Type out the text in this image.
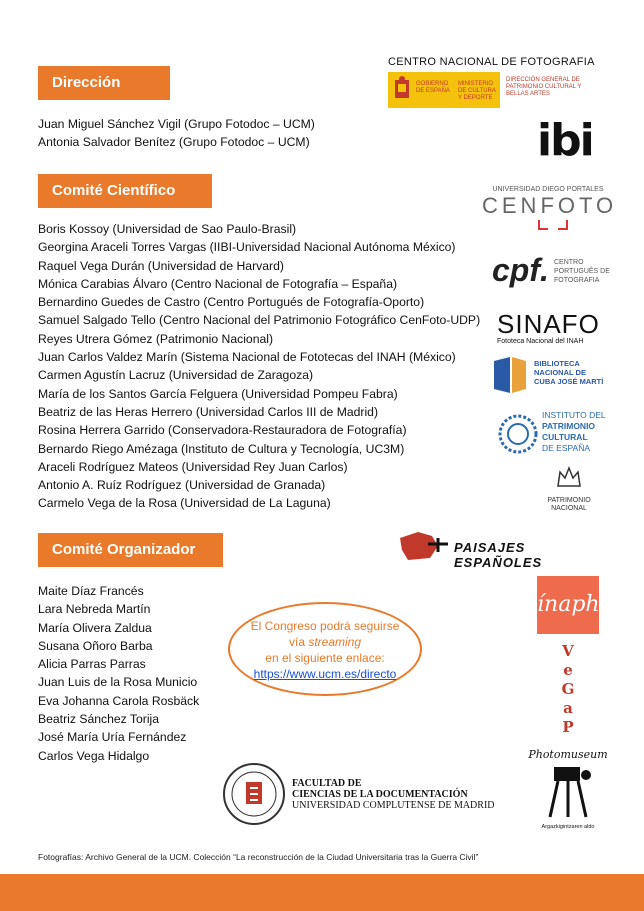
Dirección
Comité Científico
Comité Organizador
Juan Miguel Sánchez Vigil (Grupo Fotodoc – UCM)
Antonia Salvador Benítez (Grupo Fotodoc – UCM)
Boris Kossoy (Universidad de Sao Paulo-Brasil)
Georgina Araceli Torres Vargas (IIBI-Universidad Nacional Autónoma México)
Raquel Vega Durán (Universidad de Harvard)
Mónica Carabias Álvaro (Centro Nacional de Fotografía – España)
Bernardino Guedes de Castro (Centro Portugués de Fotografía-Oporto)
Samuel Salgado Tello (Centro Nacional del Patrimonio Fotográfico CenFoto-UDP)
Reyes Utrera Gómez (Patrimonio Nacional)
Juan Carlos Valdez Marín (Sistema Nacional de Fototecas del INAH (México)
Carmen Agustín Lacruz (Universidad de Zaragoza)
María de los Santos García Felguera (Universidad Pompeu Fabra)
Beatriz de las Heras Herrero (Universidad Carlos III de Madrid)
Rosina Herrera Garrido (Conservadora-Restauradora de Fotografía)
Bernardo Riego Amézaga (Instituto de Cultura y Tecnología, UC3M)
Araceli Rodríguez Mateos (Universidad Rey Juan Carlos)
Antonio A. Ruíz Rodríguez (Universidad de Granada)
Carmelo Vega de la Rosa (Universidad de La Laguna)
Maite Díaz Francés
Lara Nebreda Martín
María Olivera Zaldua
Susana Oñoro Barba
Alicia Parras Parras
Juan Luis de la Rosa Municio
Eva Johanna Carola Rosbäck
Beatriz Sánchez Torija
José María Uría Fernández
Carlos Vega Hidalgo
El Congreso podrá seguirse
vía streaming
en el siguiente enlace:
https://www.ucm.es/directo
CENTRO NACIONAL DE FOTOGRAFIA
GOBIERNO DE ESPAÑA
MINISTERIO DE CULTURA Y DEPORTE
DIRECCIÓN GENERAL DE PATRIMONIO CULTURAL Y BELLAS ARTES
ibi
UNIVERSIDAD DIEGO PORTALES
CENFOTO
cpf. CENTRO PORTUGUÊS DE FOTOGRAFIA
SINAFO
Fototeca Nacional del INAH
BIBLIOTECA NACIONAL DE CUBA JOSÉ MARTÍ
INSTITUTO DEL
PATRIMONIO
CULTURAL
DE ESPAÑA
PATRIMONIO NACIONAL
PAISAJES ESPAÑOLES
ínaph
V
e
G
a
P
Photomuseum
Argazkigintzaren aldo
FACULTAD DE
CIENCIAS DE LA DOCUMENTACIÓN
UNIVERSIDAD COMPLUTENSE DE MADRID
Fotografías: Archivo General de la UCM. Colección “La reconstrucción de la Ciudad Universitaria tras la Guerra Civil”
